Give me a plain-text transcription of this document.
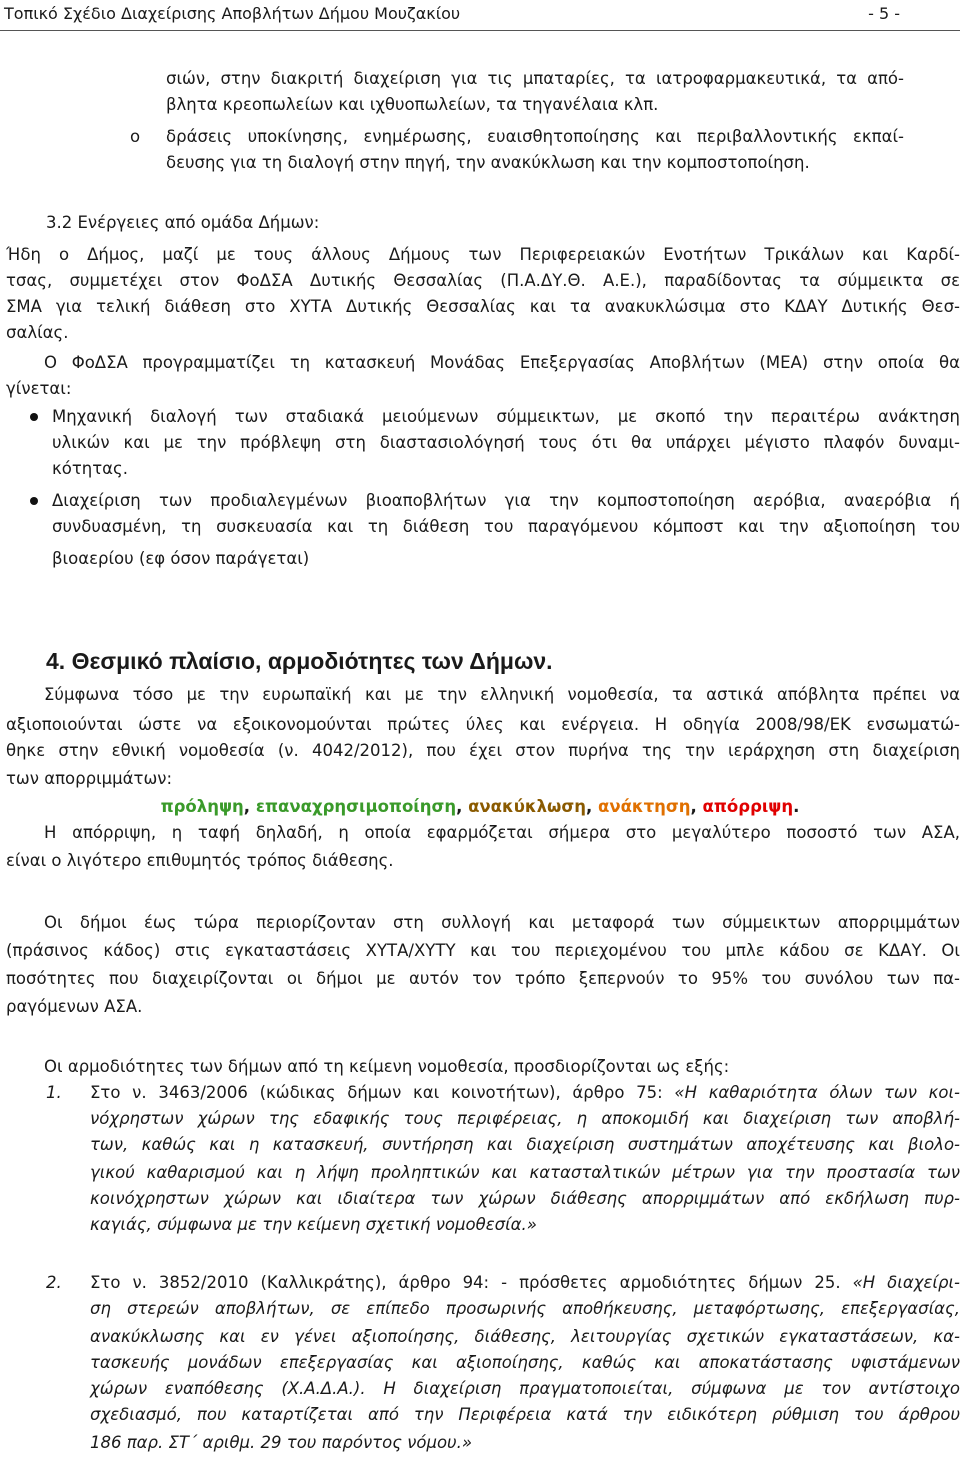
Τοπικό Σχέδιο Διαχείρισης Αποβλήτων Δήμου Μουζακίου	- 5 -
σιών, στην διακριτή διαχείριση για τις μπαταρίες, τα ιατροφαρμακευτικά, τα από-
βλητα κρεοπωλείων και ιχθυοπωλείων, τα τηγανέλαια κλπ.
o δράσεις υποκίνησης, ενημέρωσης, ευαισθητοποίησης και περιβαλλοντικής εκπαί-
δευσης για τη διαλογή στην πηγή, την ανακύκλωση και την κομποστοποίηση.
3.2 Ενέργειες από ομάδα Δήμων:
Ήδη ο Δήμος, μαζί με τους άλλους Δήμους των Περιφερειακών Ενοτήτων Τρικάλων και Καρδί-
τσας, συμμετέχει στον ΦοΔΣΑ Δυτικής Θεσσαλίας (Π.Α.ΔΥ.Θ. Α.Ε.), παραδίδοντας τα σύμμεικτα σε
ΣΜΑ για τελική διάθεση στο ΧΥΤΑ Δυτικής Θεσσαλίας και τα ανακυκλώσιμα στο ΚΔΑΥ Δυτικής Θεσ-
σαλίας.
Ο ΦοΔΣΑ προγραμματίζει τη κατασκευή Μονάδας Επεξεργασίας Αποβλήτων (ΜΕΑ) στην οποία θα
γίνεται:
Μηχανική διαλογή των σταδιακά μειούμενων σύμμεικτων, με σκοπό την περαιτέρω ανάκτηση
υλικών και με την πρόβλεψη στη διαστασιολόγησή τους ότι θα υπάρχει μέγιστο πλαφόν δυναμι-
κότητας.
Διαχείριση των προδιαλεγμένων βιοαποβλήτων για την κομποστοποίηση αερόβια, αναερόβια ή
συνδυασμένη, τη συσκευασία και τη διάθεση του παραγόμενου κόμποστ και την αξιοποίηση του
βιοαερίου (εφ όσον παράγεται)
4. Θεσμικό πλαίσιο, αρμοδιότητες των Δήμων.
Σύμφωνα τόσο με την ευρωπαϊκή και με την ελληνική νομοθεσία, τα αστικά απόβλητα πρέπει να
αξιοποιούνται ώστε να εξοικονομούνται πρώτες ύλες και ενέργεια. Η οδηγία 2008/98/ΕΚ ενσωματώ-
θηκε στην εθνική νομοθεσία (ν. 4042/2012), που έχει στον πυρήνα της την ιεράρχηση στη διαχείριση
των απορριμμάτων:
πρόληψη, επαναχρησιμοποίηση, ανακύκλωση, ανάκτηση, απόρριψη.
Η απόρριψη, η ταφή δηλαδή, η οποία εφαρμόζεται σήμερα στο μεγαλύτερο ποσοστό των ΑΣΑ,
είναι ο λιγότερο επιθυμητός τρόπος διάθεσης.
Οι δήμοι έως τώρα περιορίζονταν στη συλλογή και μεταφορά των σύμμεικτων απορριμμάτων
(πράσινος κάδος) στις εγκαταστάσεις ΧΥΤΑ/ΧΥΤΥ και του περιεχομένου του μπλε κάδου σε ΚΔΑΥ. Οι
ποσότητες που διαχειρίζονται οι δήμοι με αυτόν τον τρόπο ξεπερνούν το 95% του συνόλου των πα-
ραγόμενων ΑΣΑ.
Οι αρμοδιότητες των δήμων από τη κείμενη νομοθεσία, προσδιορίζονται ως εξής:
1. Στο ν. 3463/2006 (κώδικας δήμων και κοινοτήτων), άρθρο 75: «Η καθαριότητα όλων των κοι-
νόχρηστων χώρων της εδαφικής τους περιφέρειας, η αποκομιδή και διαχείριση των αποβλή-
των, καθώς και η κατασκευή, συντήρηση και διαχείριση συστημάτων αποχέτευσης και βιολο-
γικού καθαρισμού και η λήψη προληπτικών και κατασταλτικών μέτρων για την προστασία των
κοινόχρηστων χώρων και ιδιαίτερα των χώρων διάθεσης απορριμμάτων από εκδήλωση πυρ-
καγιάς, σύμφωνα με την κείμενη σχετική νομοθεσία.»
2. Στο ν. 3852/2010 (Καλλικράτης), άρθρο 94: - πρόσθετες αρμοδιότητες δήμων 25. «Η διαχείρι-
ση στερεών αποβλήτων, σε επίπεδο προσωρινής αποθήκευσης, μεταφόρτωσης, επεξεργασίας,
ανακύκλωσης και εν γένει αξιοποίησης, διάθεσης, λειτουργίας σχετικών εγκαταστάσεων, κα-
τασκευής μονάδων επεξεργασίας και αξιοποίησης, καθώς και αποκατάστασης υφιστάμενων
χώρων εναπόθεσης (Χ.Α.Δ.Α.). Η διαχείριση πραγματοποιείται, σύμφωνα με τον αντίστοιχο
σχεδιασμό, που καταρτίζεται από την Περιφέρεια κατά την ειδικότερη ρύθμιση του άρθρου
186 παρ. ΣΤ΄ αριθμ. 29 του παρόντος νόμου.»
